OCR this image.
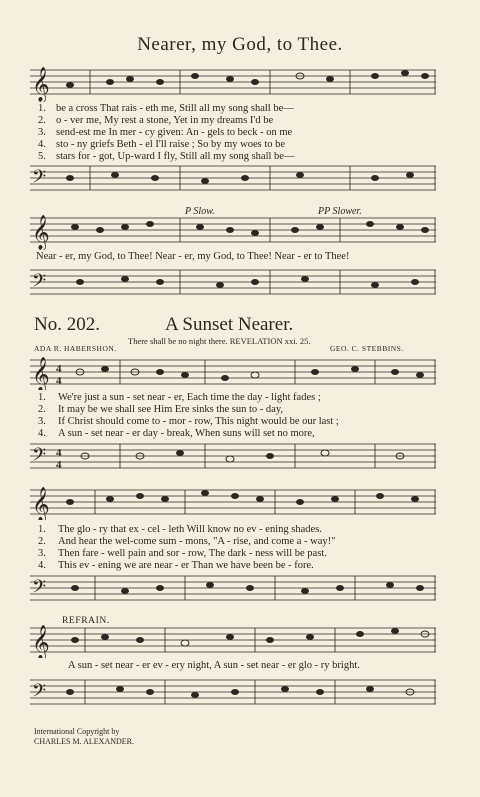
Nearer, my God, to Thee.
𝄞
1. be a cross That rais - eth me, Still all my song shall be—
2. o - ver me, My rest a stone, Yet in my dreams I'd be
3. send-est me In mer - cy given: An - gels to beck - on me
4. sto - ny griefs Beth - el I'll raise ; So by my woes to be
5. stars for - got, Up-ward I fly, Still all my song shall be—
𝄢
P Slow.	PP Slower.
𝄞
Near - er, my God, to Thee! Near - er, my God, to Thee! Near - er to Thee!
𝄢
No. 202.	A Sunset Nearer.
There shall be no night there. REVELATION xxi. 25.
ADA R. HABERSHON.	GEO. C. STEBBINS.
𝄞 4
4
1. We're just a sun - set near - er, Each time the day - light fades ;
2. It may be we shall see Him Ere sinks the sun to - day,
3. If Christ should come to - mor - row, This night would be our last ;
4. A sun - set near - er day - break, When suns will set no more,
𝄢 4
4
𝄞
1. The glo - ry that ex - cel - leth Will know no ev - ening shades.
2. And hear the wel-come sum - mons, "A - rise, and come a - way!"
3. Then fare - well pain and sor - row, The dark - ness will be past.
4. This ev - ening we are near - er Than we have been be - fore.
𝄢
REFRAIN.
𝄞
A sun - set near - er ev - ery night, A sun - set near - er glo - ry bright.
𝄢
International Copyright by
CHARLES M. ALEXANDER.
